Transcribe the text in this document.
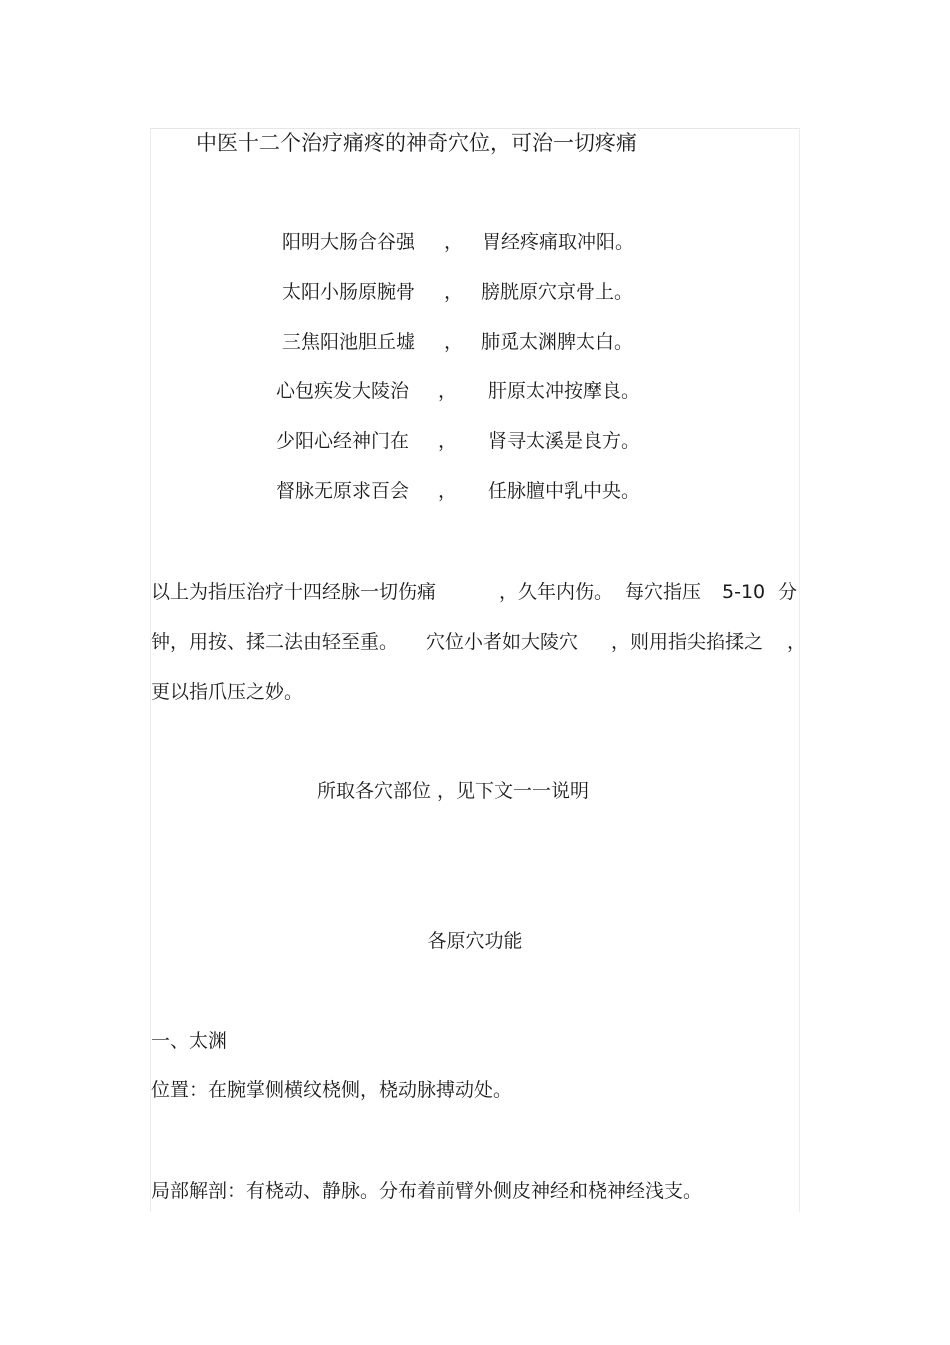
中医十二个治疗痛疼的神奇穴位，可治一切疼痛
阳明大肠合谷强 ， 胃经疼痛取冲阳。
太阳小肠原腕骨 ， 膀胱原穴京骨上。
三焦阳池胆丘墟 ， 肺觅太渊脾太白。
心包疾发大陵治 ， 肝原太冲按摩良。
少阳心经神门在 ， 肾寻太溪是良方。
督脉无原求百会 ， 任脉膻中乳中央。
以上为指压治疗十四经脉一切伤痛	，久年内伤。 每穴指压 5-10 分
钟，用按、揉二法由轻至重。 穴位小者如大陵穴 ，则用指尖掐揉之 ，
更以指爪压之妙。
所取各穴部位 ，见下文一一说明
各原穴功能
一、太渊
位置：在腕掌侧横纹桡侧，桡动脉搏动处。
局部解剖：有桡动、静脉。分布着前臂外侧皮神经和桡神经浅支。
